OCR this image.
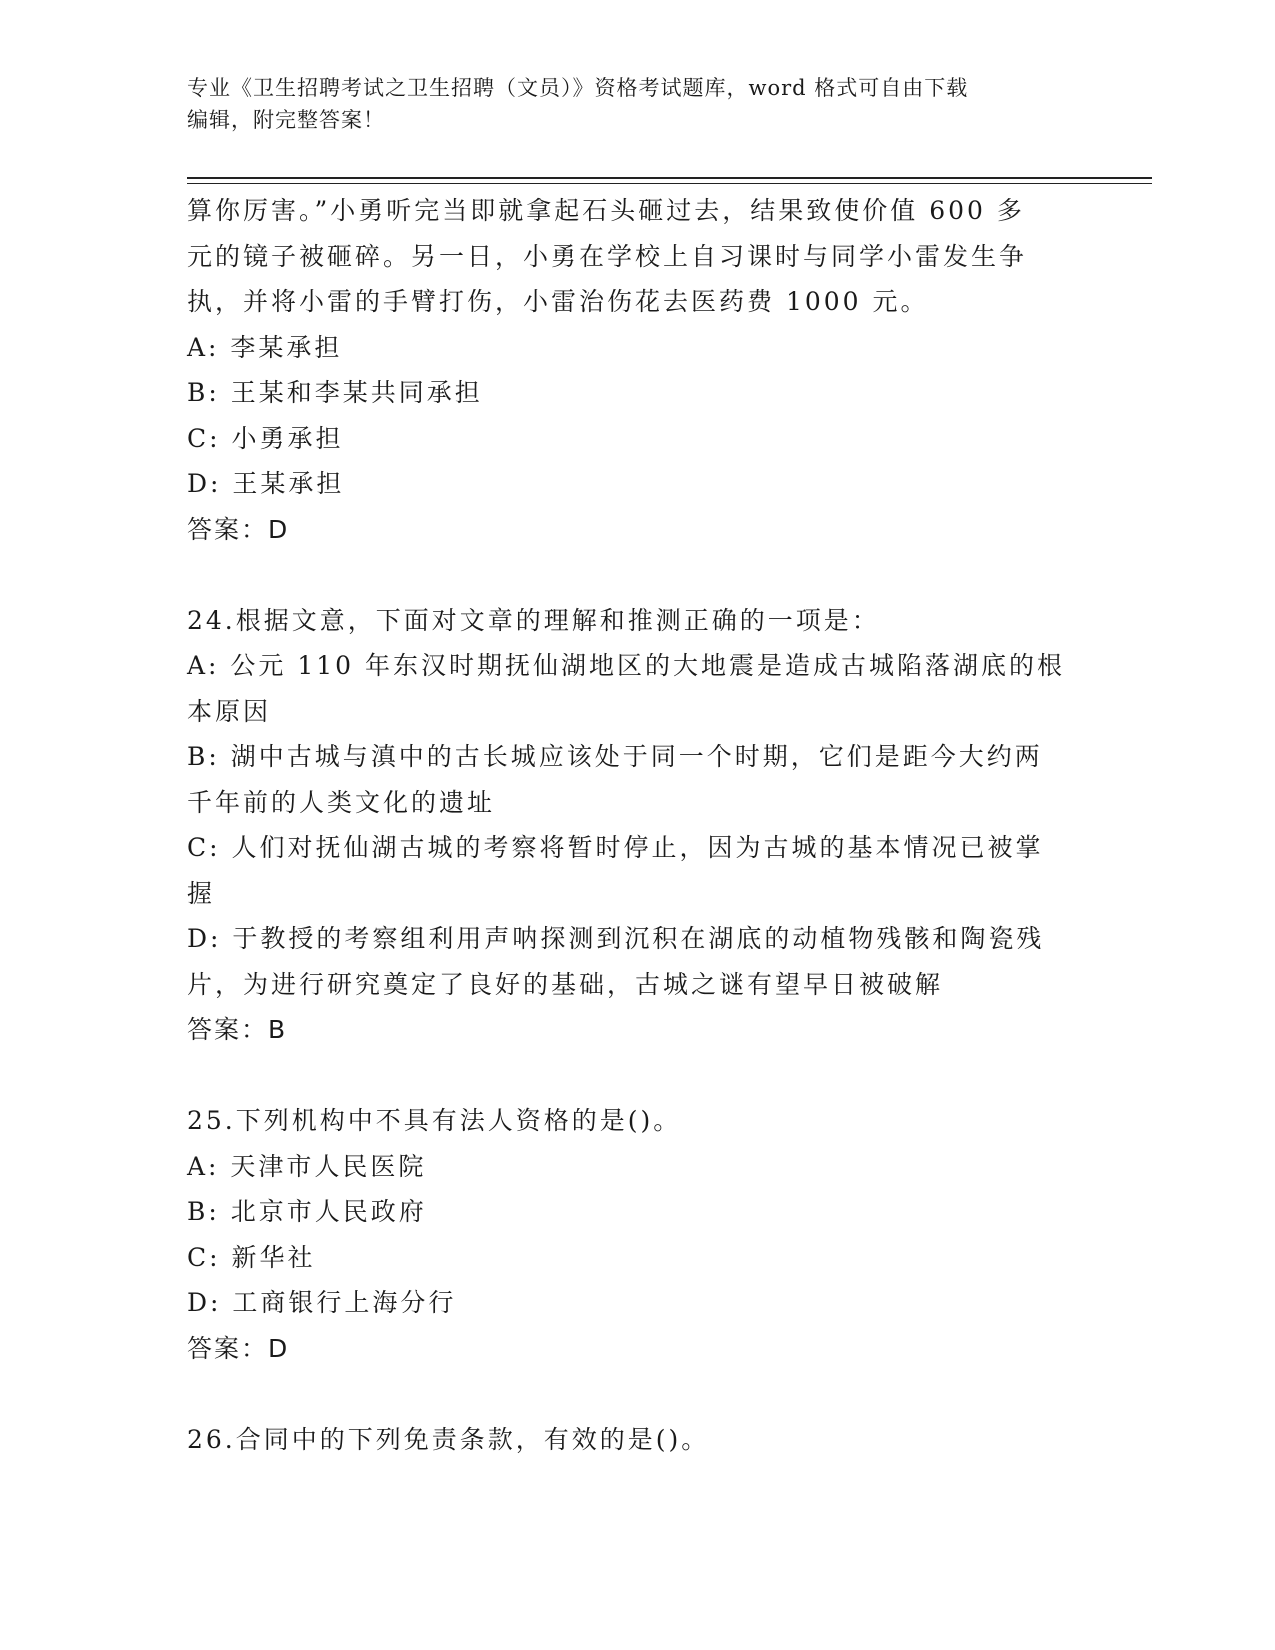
专业《卫生招聘考试之卫生招聘（文员）》资格考试题库，word 格式可自由下载
编辑，附完整答案！
算你厉害。”小勇听完当即就拿起石头砸过去，结果致使价值 600 多
元的镜子被砸碎。另一日，小勇在学校上自习课时与同学小雷发生争
执，并将小雷的手臂打伤，小雷治伤花去医药费 1000 元。
A: 李某承担
B: 王某和李某共同承担
C: 小勇承担
D: 王某承担
答案：D
24.根据文意，下面对文章的理解和推测正确的一项是：
A: 公元 110 年东汉时期抚仙湖地区的大地震是造成古城陷落湖底的根
本原因
B: 湖中古城与滇中的古长城应该处于同一个时期，它们是距今大约两
千年前的人类文化的遗址
C: 人们对抚仙湖古城的考察将暂时停止，因为古城的基本情况已被掌
握
D: 于教授的考察组利用声呐探测到沉积在湖底的动植物残骸和陶瓷残
片，为进行研究奠定了良好的基础，古城之谜有望早日被破解
答案：B
25.下列机构中不具有法人资格的是()。
A: 天津市人民医院
B: 北京市人民政府
C: 新华社
D: 工商银行上海分行
答案：D
26.合同中的下列免责条款，有效的是()。
